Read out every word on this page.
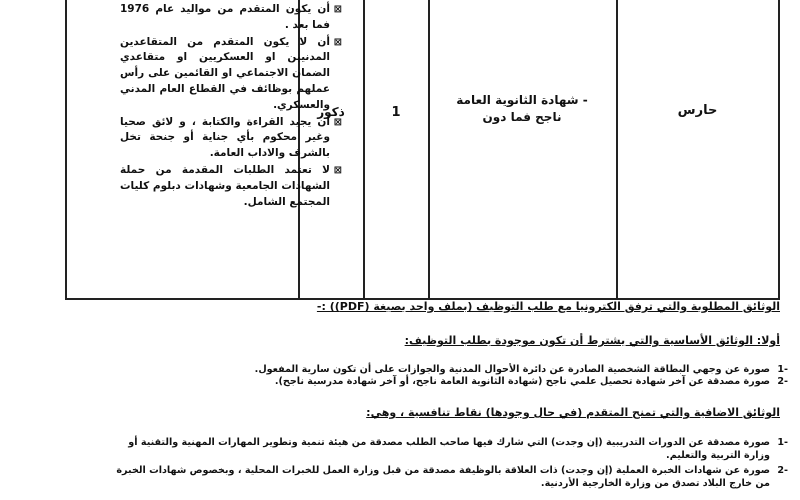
⊠
أن يكون المتقدم من مواليد عام 1976 فما بعد .
⊠
أن لا يكون المتقدم من المتقاعدين المدنيين او العسكريين او متقاعدي الضمان الاجتماعي او القائمين على رأس عملهم بوظائف في القطاع العام المدني والعسكري.
⊠
أن يجيد القراءة والكتابة ، و لائق صحيا وغير محكوم بأي جناية أو جنحة تخل بالشرف والاداب العامة.
⊠
لا تعتمد الطلبات المقدمة من حملة الشهادات الجامعية وشهادات دبلوم كليات المجتمع الشامل.
ذكور	1
- شهادة الثانوية العامة
ناجح فما دون	حارس
الوثائق المطلوبة والتي ترفق الكترونيا مع طلب التوظيف (بملف واحد بصيغة (PDF)) :-
أولا: الوثائق الأساسية والتي يشترط أن تكون موجودة بطلب التوظيف:
-1
صورة عن وجهي البطاقة الشخصية الصادرة عن دائرة الأحوال المدنية والجوازات على أن تكون سارية المفعول.
-2
صورة مصدقة عن آخر شهادة تحصيل علمي ناجح (شهادة الثانوية العامة ناجح، أو آخر شهادة مدرسية ناجح).
الوثائق الاضافية والتي تمنح المتقدم (في حال وجودها) نقاط تنافسية ، وهي:
-1
صورة مصدقة عن الدورات التدريبية (إن وجدت) التي شارك فيها صاحب الطلب مصدقة من هيئة تنمية وتطوير المهارات المهنية والتقنية أو
وزارة التربية والتعليم.
-2
صورة عن شهادات الخبرة العملية (إن وجدت) ذات العلاقة بالوظيفة مصدقة من قبل وزارة العمل للخبرات المحلية ، وبخصوص شهادات الخبرة
من خارج البلاد تصدق من وزارة الخارجية الأردنية.
